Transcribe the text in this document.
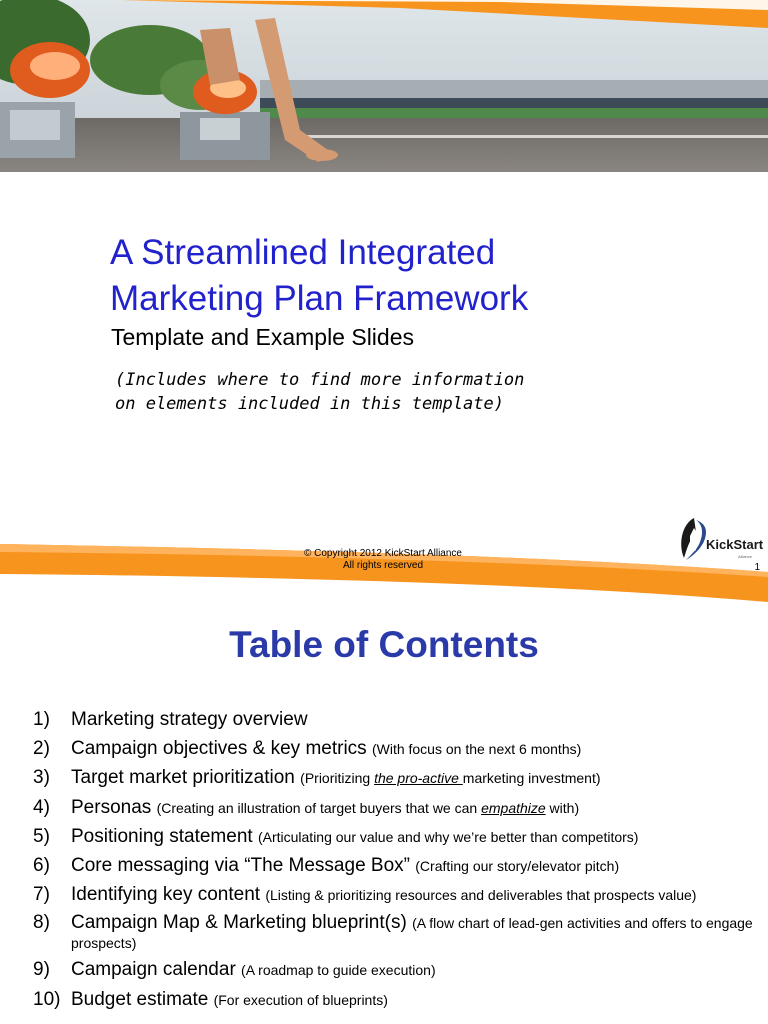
A Streamlined Integrated
Marketing Plan Framework
Template and Example Slides
(Includes where to find more information
on elements included in this template)
© Copyright 2012 KickStart Alliance
All rights reserved
KickStart
Alliance
1
Table of Contents
1) Marketing strategy overview
2) Campaign objectives & key metrics (With focus on the next 6 months)
3) Target market prioritization (Prioritizing the pro-active marketing investment)
4) Personas (Creating an illustration of target buyers that we can empathize with)
5) Positioning statement (Articulating our value and why we’re better than competitors)
6) Core messaging via “The Message Box” (Crafting our story/elevator pitch)
7) Identifying key content (Listing & prioritizing resources and deliverables that prospects value)
8) Campaign Map & Marketing blueprint(s) (A flow chart of lead-gen activities and offers to engage prospects)
9) Campaign calendar (A roadmap to guide execution)
10) Budget estimate (For execution of blueprints)
